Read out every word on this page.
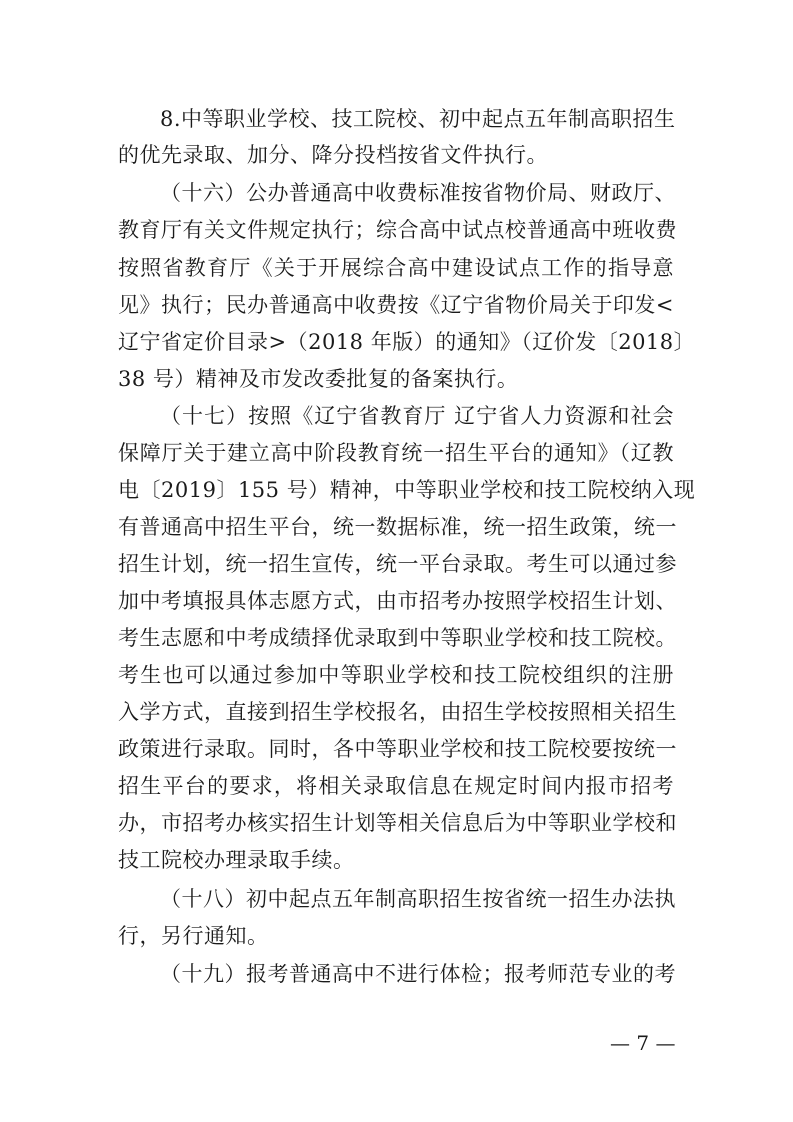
8.中等职业学校、技工院校、初中起点五年制高职招生
的优先录取、加分、降分投档按省文件执行。
（十六）公办普通高中收费标准按省物价局、财政厅、
教育厅有关文件规定执行；综合高中试点校普通高中班收费
按照省教育厅《关于开展综合高中建设试点工作的指导意
见》执行；民办普通高中收费按《辽宁省物价局关于印发<
辽宁省定价目录>（2018 年版）的通知》（辽价发〔2018〕
38 号）精神及市发改委批复的备案执行。
（十七）按照《辽宁省教育厅 辽宁省人力资源和社会
保障厅关于建立高中阶段教育统一招生平台的通知》（辽教
电〔2019〕155 号）精神，中等职业学校和技工院校纳入现
有普通高中招生平台，统一数据标准，统一招生政策，统一
招生计划，统一招生宣传，统一平台录取。考生可以通过参
加中考填报具体志愿方式，由市招考办按照学校招生计划、
考生志愿和中考成绩择优录取到中等职业学校和技工院校。
考生也可以通过参加中等职业学校和技工院校组织的注册
入学方式，直接到招生学校报名，由招生学校按照相关招生
政策进行录取。同时，各中等职业学校和技工院校要按统一
招生平台的要求，将相关录取信息在规定时间内报市招考
办，市招考办核实招生计划等相关信息后为中等职业学校和
技工院校办理录取手续。
（十八）初中起点五年制高职招生按省统一招生办法执
行，另行通知。
（十九）报考普通高中不进行体检；报考师范专业的考
— 7 —
